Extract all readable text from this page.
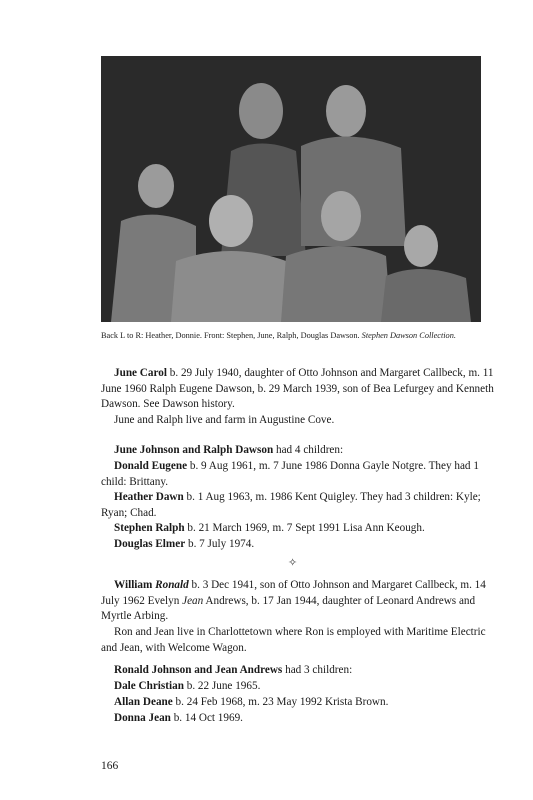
Back L to R: Heather, Donnie. Front: Stephen, June, Ralph, Douglas Dawson. Stephen Dawson Collection.

June Carol b. 29 July 1940, daughter of Otto Johnson and Margaret Callbeck, m. 11 June 1960 Ralph Eugene Dawson, b. 29 March 1939, son of Bea Lefurgey and Kenneth Dawson. See Dawson history.

June and Ralph live and farm in Augustine Cove.

June Johnson and Ralph Dawson had 4 children:

Donald Eugene b. 9 Aug 1961, m. 7 June 1986 Donna Gayle Notgre. They had 1 child: Brittany.

Heather Dawn b. 1 Aug 1963, m. 1986 Kent Quigley. They had 3 children: Kyle; Ryan; Chad.

Stephen Ralph b. 21 March 1969, m. 7 Sept 1991 Lisa Ann Keough.

Douglas Elmer b. 7 July 1974.

✧

William Ronald b. 3 Dec 1941, son of Otto Johnson and Margaret Callbeck, m. 14 July 1962 Evelyn Jean Andrews, b. 17 Jan 1944, daughter of Leonard Andrews and Myrtle Arbing.

Ron and Jean live in Charlottetown where Ron is employed with Maritime Electric and Jean, with Welcome Wagon.

Ronald Johnson and Jean Andrews had 3 children:

Dale Christian b. 22 June 1965.

Allan Deane b. 24 Feb 1968, m. 23 May 1992 Krista Brown.

Donna Jean b. 14 Oct 1969.

166
